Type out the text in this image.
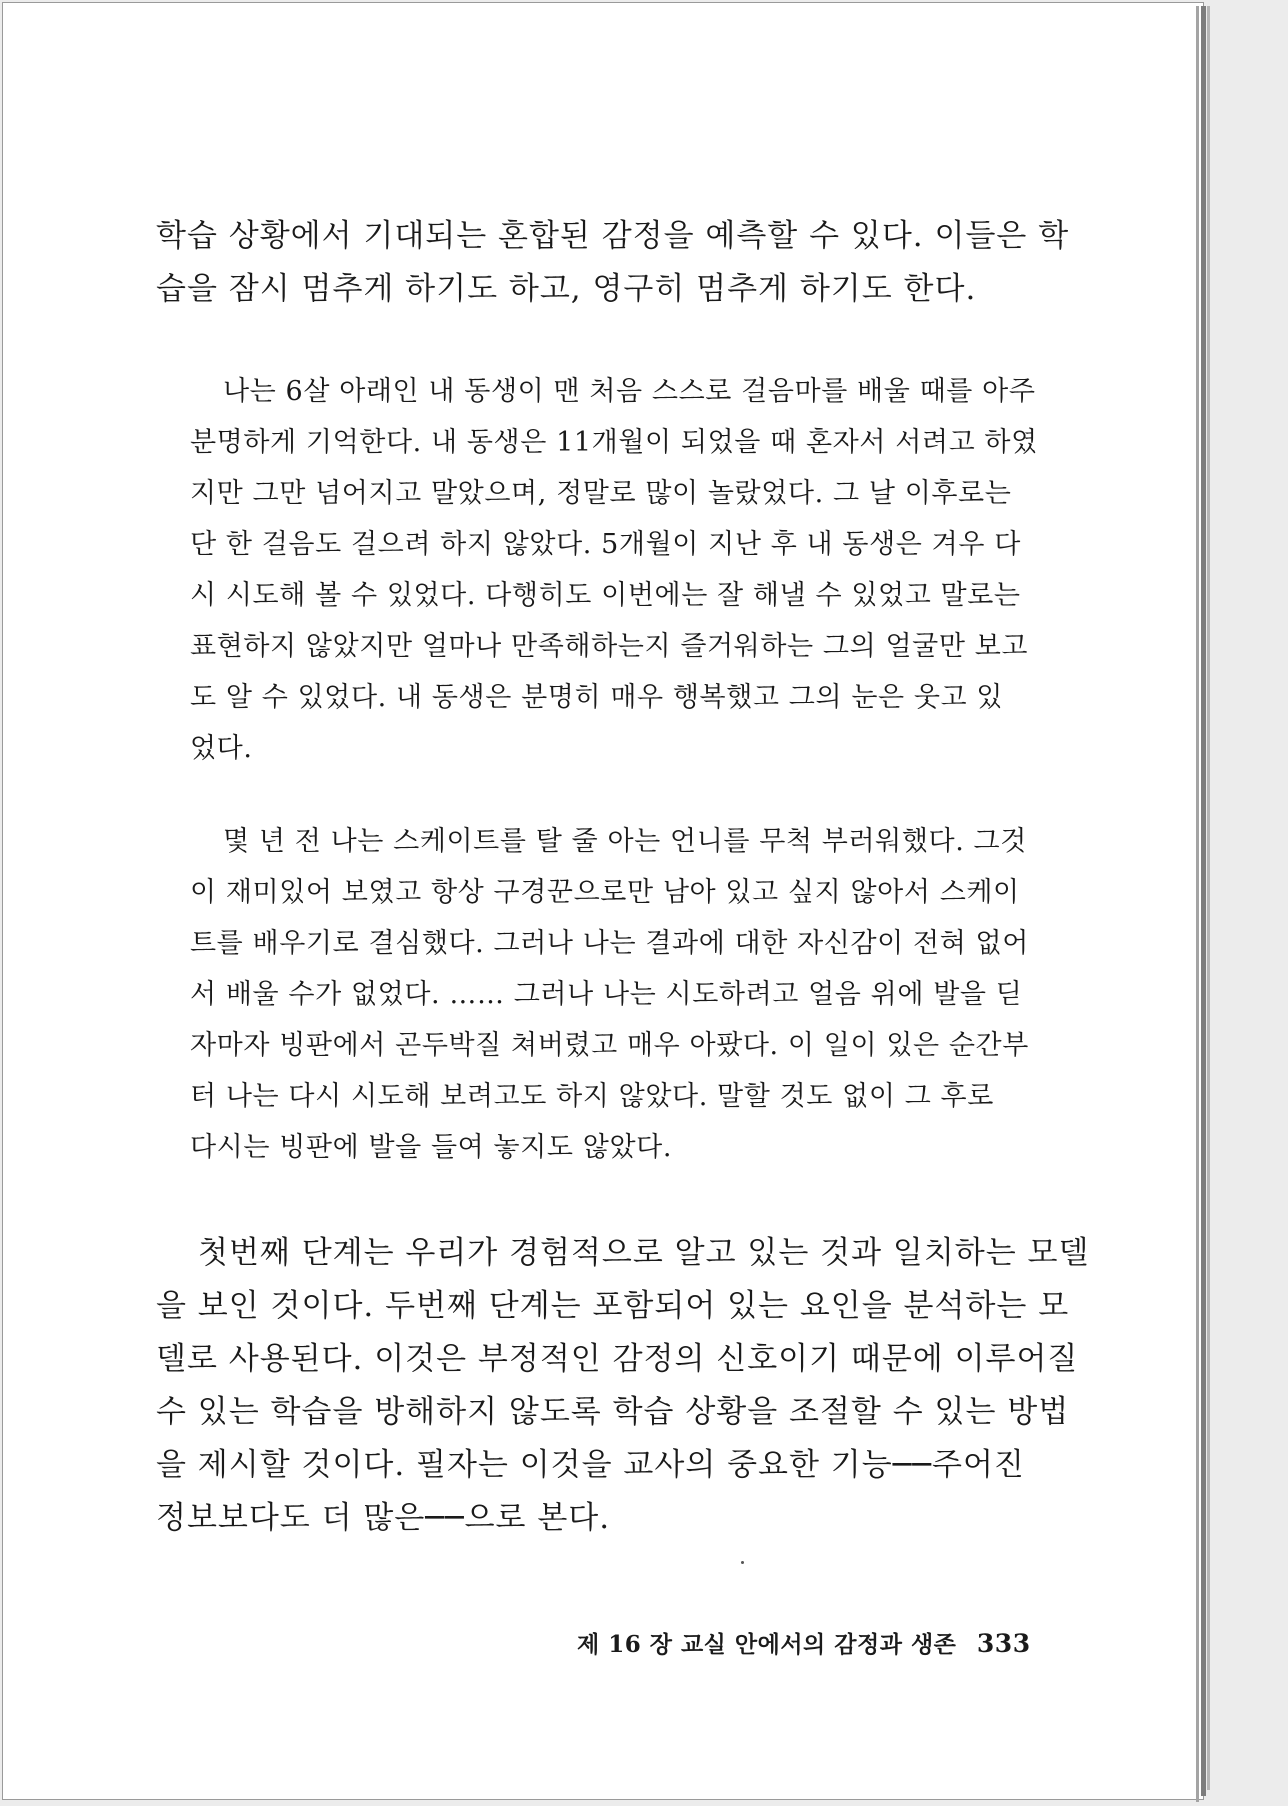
학습 상황에서 기대되는 혼합된 감정을 예측할 수 있다. 이들은 학
습을 잠시 멈추게 하기도 하고, 영구히 멈추게 하기도 한다.
나는 6살 아래인 내 동생이 맨 처음 스스로 걸음마를 배울 때를 아주
분명하게 기억한다. 내 동생은 11개월이 되었을 때 혼자서 서려고 하였
지만 그만 넘어지고 말았으며, 정말로 많이 놀랐었다. 그 날 이후로는
단 한 걸음도 걸으려 하지 않았다. 5개월이 지난 후 내 동생은 겨우 다
시 시도해 볼 수 있었다. 다행히도 이번에는 잘 해낼 수 있었고 말로는
표현하지 않았지만 얼마나 만족해하는지 즐거워하는 그의 얼굴만 보고
도 알 수 있었다. 내 동생은 분명히 매우 행복했고 그의 눈은 웃고 있
었다.
몇 년 전 나는 스케이트를 탈 줄 아는 언니를 무척 부러워했다. 그것
이 재미있어 보였고 항상 구경꾼으로만 남아 있고 싶지 않아서 스케이
트를 배우기로 결심했다. 그러나 나는 결과에 대한 자신감이 전혀 없어
서 배울 수가 없었다. …… 그러나 나는 시도하려고 얼음 위에 발을 딛
자마자 빙판에서 곤두박질 쳐버렸고 매우 아팠다. 이 일이 있은 순간부
터 나는 다시 시도해 보려고도 하지 않았다. 말할 것도 없이 그 후로
다시는 빙판에 발을 들여 놓지도 않았다.
첫번째 단계는 우리가 경험적으로 알고 있는 것과 일치하는 모델
을 보인 것이다. 두번째 단계는 포함되어 있는 요인을 분석하는 모
델로 사용된다. 이것은 부정적인 감정의 신호이기 때문에 이루어질
수 있는 학습을 방해하지 않도록 학습 상황을 조절할 수 있는 방법
을 제시할 것이다. 필자는 이것을 교사의 중요한 기능──주어진
정보보다도 더 많은──으로 본다.
제 16 장 교실 안에서의 감정과 생존 333
